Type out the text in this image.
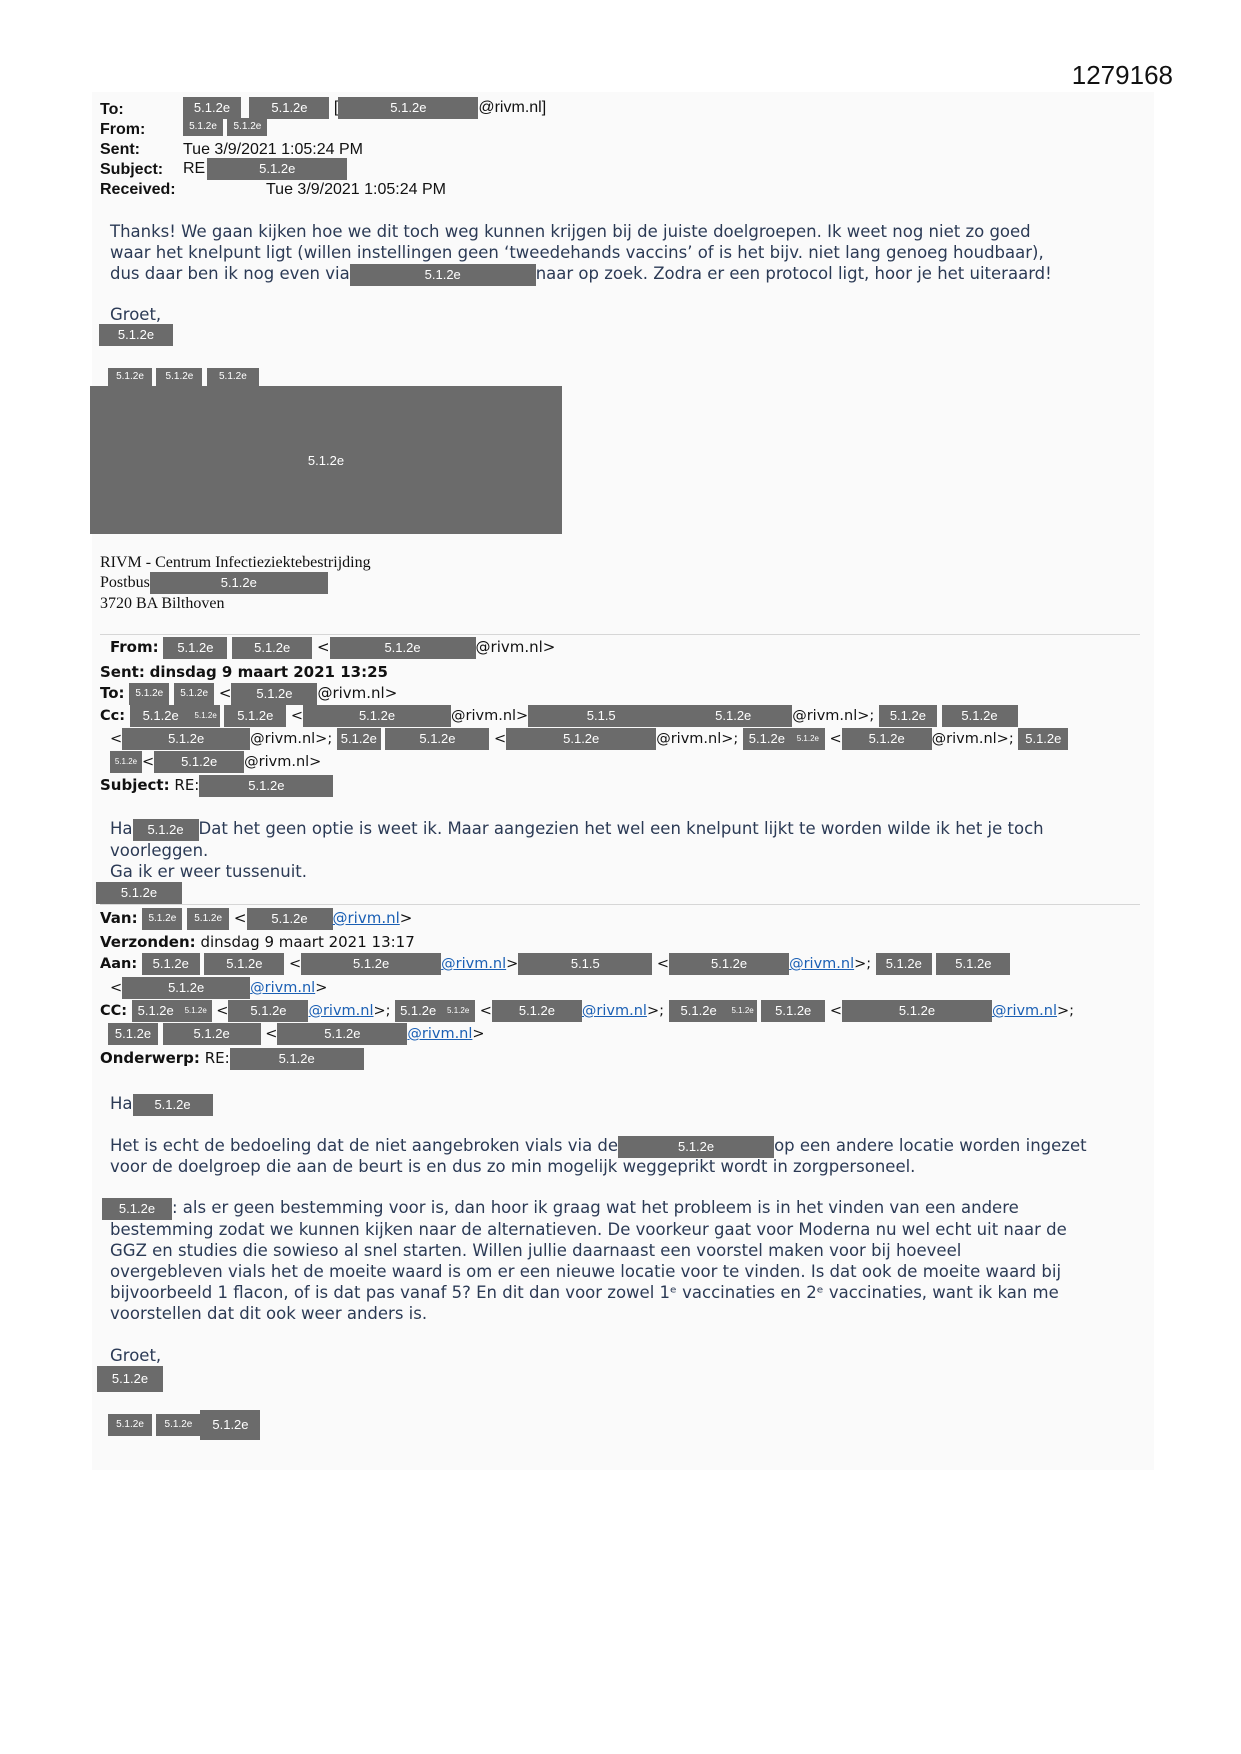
1279168
To:	5.1.2e	5.1.2e [	5.1.2e	@rivm.nl]
From:	5.1.2e 5.1.2e
Sent:	Tue 3/9/2021 1:05:24 PM
Subject: RE	5.1.2e
Received:	Tue 3/9/2021 1:05:24 PM
Thanks! We gaan kijken hoe we dit toch weg kunnen krijgen bij de juiste doelgroepen. Ik weet nog niet zo goed
waar het knelpunt ligt (willen instellingen geen ‘tweedehands vaccins’ of is het bijv. niet lang genoeg houdbaar),
dus daar ben ik nog even via	5.1.2e	naar op zoek. Zodra er een protocol ligt, hoor je het uiteraard!
Groet,
5.1.2e
5.1.2e 5.1.2e	5.1.2e
5.1.2e
RIVM - Centrum Infectieziektebestrijding
Postbus	5.1.2e
3720 BA Bilthoven
From: 5.1.2e	5.1.2e <	5.1.2e	@rivm.nl>
Sent: dinsdag 9 maart 2021 13:25
To: 5.1.2e 5.1.2e < 5.1.2e @rivm.nl>
Cc: 5.1.2e 5.1.2e 5.1.2e <	5.1.2e	@rivm.nl>	5.1.5	5.1.2e	@rivm.nl>; 5.1.2e	5.1.2e
<	5.1.2e	@rivm.nl>; 5.1.2e	5.1.2e <	5.1.2e	@rivm.nl>; 5.1.2e 5.1.2e < 5.1.2e @rivm.nl>; 5.1.2e
5.1.2e < 5.1.2e @rivm.nl>
Subject: RE:	5.1.2e
Ha 5.1.2e Dat het geen optie is weet ik. Maar aangezien het wel een knelpunt lijkt te worden wilde ik het je toch
voorleggen.
Ga ik er weer tussenuit.
5.1.2e
Van: 5.1.2e 5.1.2e < 5.1.2e @rivm.nl>
Verzonden: dinsdag 9 maart 2021 13:17
Aan: 5.1.2e	5.1.2e <	5.1.2e	@rivm.nl>	5.1.5	<	5.1.2e	@rivm.nl>; 5.1.2e	5.1.2e
<	5.1.2e	@rivm.nl>
CC: 5.1.2e 5.1.2e < 5.1.2e @rivm.nl>; 5.1.2e 5.1.2e < 5.1.2e @rivm.nl>; 5.1.2e 5.1.2e 5.1.2e <	5.1.2e	@rivm.nl>;
5.1.2e	5.1.2e <	5.1.2e	@rivm.nl>
Onderwerp: RE:	5.1.2e
Ha 5.1.2e
Het is echt de bedoeling dat de niet aangebroken vials via de	5.1.2e	op een andere locatie worden ingezet
voor de doelgroep die aan de beurt is en dus zo min mogelijk weggeprikt wordt in zorgpersoneel.
5.1.2e : als er geen bestemming voor is, dan hoor ik graag wat het probleem is in het vinden van een andere
bestemming zodat we kunnen kijken naar de alternatieven. De voorkeur gaat voor Moderna nu wel echt uit naar de
GGZ en studies die sowieso al snel starten. Willen jullie daarnaast een voorstel maken voor bij hoeveel
overgebleven vials het de moeite waard is om er een nieuwe locatie voor te vinden. Is dat ook de moeite waard bij
bijvoorbeeld 1 flacon, of is dat pas vanaf 5? En dit dan voor zowel 1ᵉ vaccinaties en 2ᵉ vaccinaties, want ik kan me
voorstellen dat dit ook weer anders is.
Groet,
5.1.2e
5.1.2e 5.1.2e 5.1.2e
